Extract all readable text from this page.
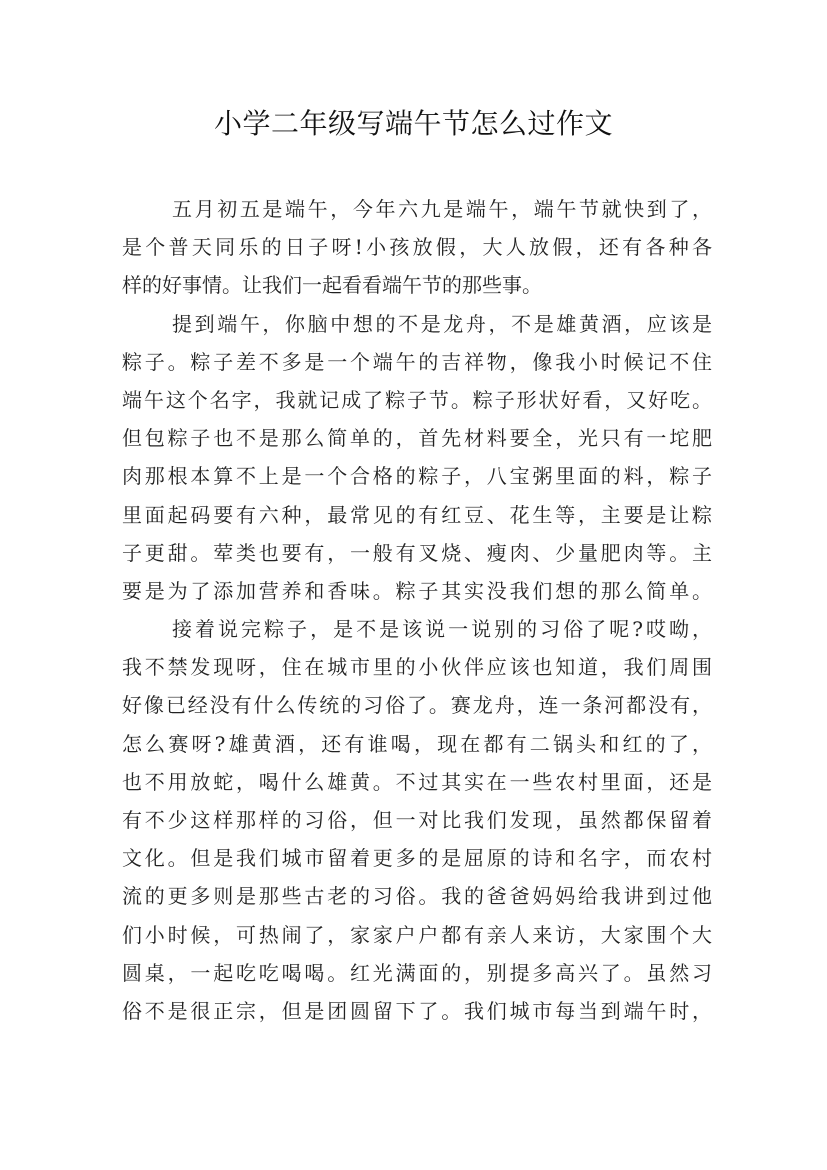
小学二年级写端午节怎么过作文
五月初五是端午，今年六九是端午，端午节就快到了，
是个普天同乐的日子呀!小孩放假，大人放假，还有各种各
样的好事情。让我们一起看看端午节的那些事。
提到端午，你脑中想的不是龙舟，不是雄黄酒，应该是
粽子。粽子差不多是一个端午的吉祥物，像我小时候记不住
端午这个名字，我就记成了粽子节。粽子形状好看，又好吃。
但包粽子也不是那么简单的，首先材料要全，光只有一坨肥
肉那根本算不上是一个合格的粽子，八宝粥里面的料，粽子
里面起码要有六种，最常见的有红豆、花生等，主要是让粽
子更甜。荤类也要有，一般有叉烧、瘦肉、少量肥肉等。主
要是为了添加营养和香味。粽子其实没我们想的那么简单。
接着说完粽子，是不是该说一说别的习俗了呢?哎呦，
我不禁发现呀，住在城市里的小伙伴应该也知道，我们周围
好像已经没有什么传统的习俗了。赛龙舟，连一条河都没有，
怎么赛呀?雄黄酒，还有谁喝，现在都有二锅头和红的了，
也不用放蛇，喝什么雄黄。不过其实在一些农村里面，还是
有不少这样那样的习俗，但一对比我们发现，虽然都保留着
文化。但是我们城市留着更多的是屈原的诗和名字，而农村
流的更多则是那些古老的习俗。我的爸爸妈妈给我讲到过他
们小时候，可热闹了，家家户户都有亲人来访，大家围个大
圆桌，一起吃吃喝喝。红光满面的，别提多高兴了。虽然习
俗不是很正宗，但是团圆留下了。我们城市每当到端午时，
